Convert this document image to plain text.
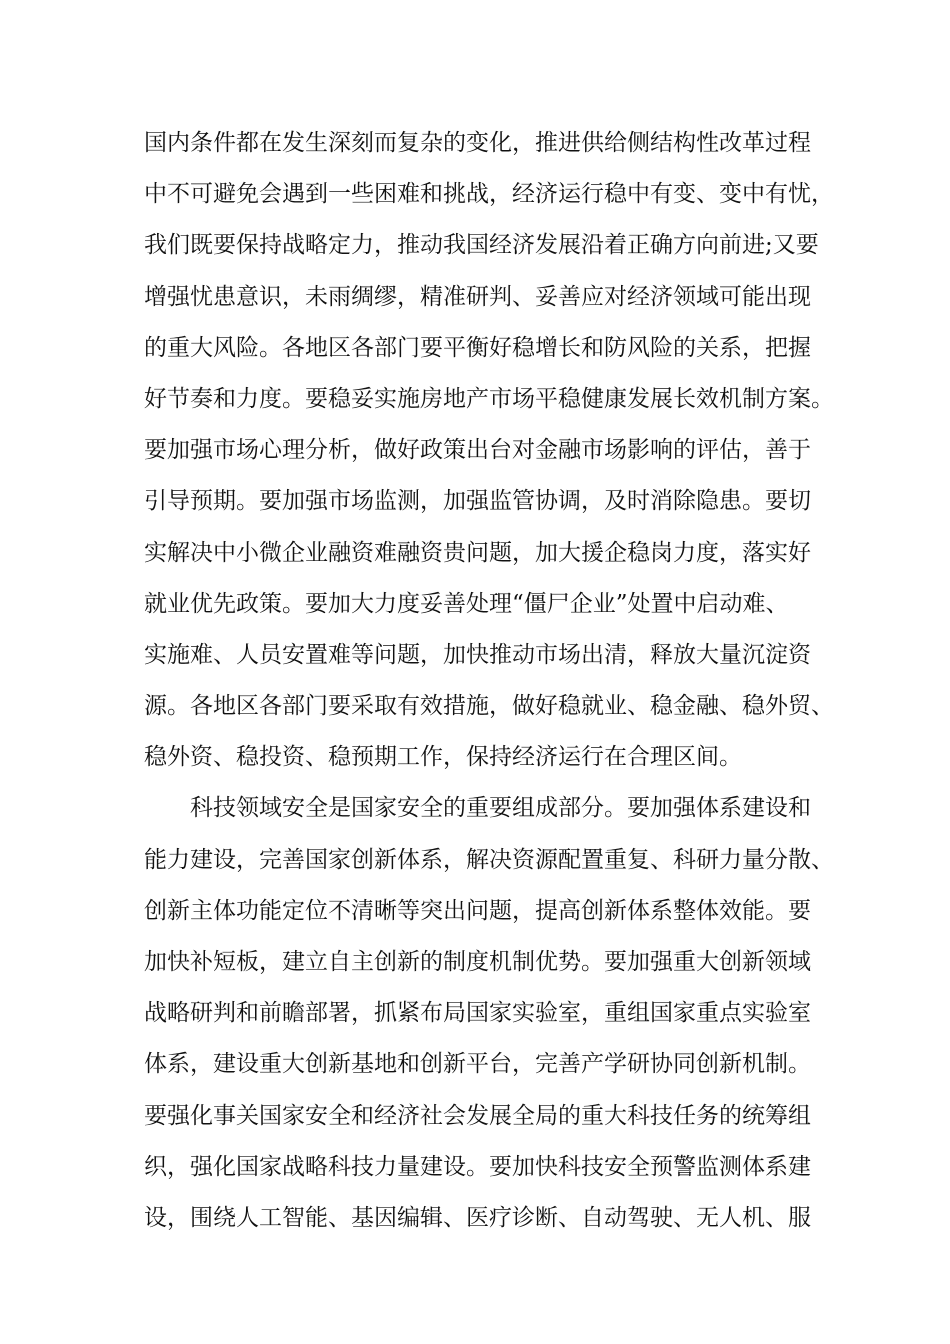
国内条件都在发生深刻而复杂的变化，推进供给侧结构性改革过程
中不可避免会遇到一些困难和挑战，经济运行稳中有变、变中有忧，
我们既要保持战略定力，推动我国经济发展沿着正确方向前进;又要
增强忧患意识，未雨绸缪，精准研判、妥善应对经济领域可能出现
的重大风险。各地区各部门要平衡好稳增长和防风险的关系，把握
好节奏和力度。要稳妥实施房地产市场平稳健康发展长效机制方案。
要加强市场心理分析，做好政策出台对金融市场影响的评估，善于
引导预期。要加强市场监测，加强监管协调，及时消除隐患。要切
实解决中小微企业融资难融资贵问题，加大援企稳岗力度，落实好
就业优先政策。要加大力度妥善处理“僵尸企业”处置中启动难、
实施难、人员安置难等问题，加快推动市场出清，释放大量沉淀资
源。各地区各部门要采取有效措施，做好稳就业、稳金融、稳外贸、
稳外资、稳投资、稳预期工作，保持经济运行在合理区间。
科技领域安全是国家安全的重要组成部分。要加强体系建设和
能力建设，完善国家创新体系，解决资源配置重复、科研力量分散、
创新主体功能定位不清晰等突出问题，提高创新体系整体效能。要
加快补短板，建立自主创新的制度机制优势。要加强重大创新领域
战略研判和前瞻部署，抓紧布局国家实验室，重组国家重点实验室
体系，建设重大创新基地和创新平台，完善产学研协同创新机制。
要强化事关国家安全和经济社会发展全局的重大科技任务的统筹组
织，强化国家战略科技力量建设。要加快科技安全预警监测体系建
设，围绕人工智能、基因编辑、医疗诊断、自动驾驶、无人机、服
